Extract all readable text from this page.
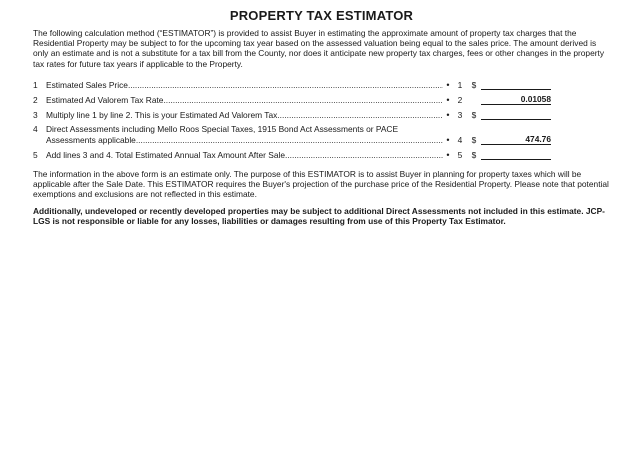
PROPERTY TAX ESTIMATOR

The following calculation method (“ESTIMATOR”) is provided to assist Buyer in estimating the approximate amount of property tax charges that the Residential Property may be subject to for the upcoming tax year based on the assessed valuation being equal to the sales price. The amount derived is only an estimate and is not a substitute for a tax bill from the County, nor does it anticipate new property tax charges, fees or other changes in the property tax rates for future tax years if applicable to the Property.

1 Estimated Sales Price .....	• 1	$
2 Estimated Ad Valorem Tax Rate .....	• 2	0.01058
3 Multiply line 1 by line 2. This is your Estimated Ad Valorem Tax .....	• 3	$
4 Direct Assessments including Mello Roos Special Taxes, 1915 Bond Act Assessments or PACE
Assessments applicable .....	• 4	$	474.76
5 Add lines 3 and 4. Total Estimated Annual Tax Amount After Sale .....	• 5	$

The information in the above form is an estimate only. The purpose of this ESTIMATOR is to assist Buyer in planning for property taxes which will be applicable after the Sale Date. This ESTIMATOR requires the Buyer's projection of the purchase price of the Residential Property. Please note that potential exemptions and exclusions are not reflected in this estimate.

Additionally, undeveloped or recently developed properties may be subject to additional Direct Assessments not included in this estimate. JCP-LGS is not responsible or liable for any losses, liabilities or damages resulting from use of this Property Tax Estimator.
